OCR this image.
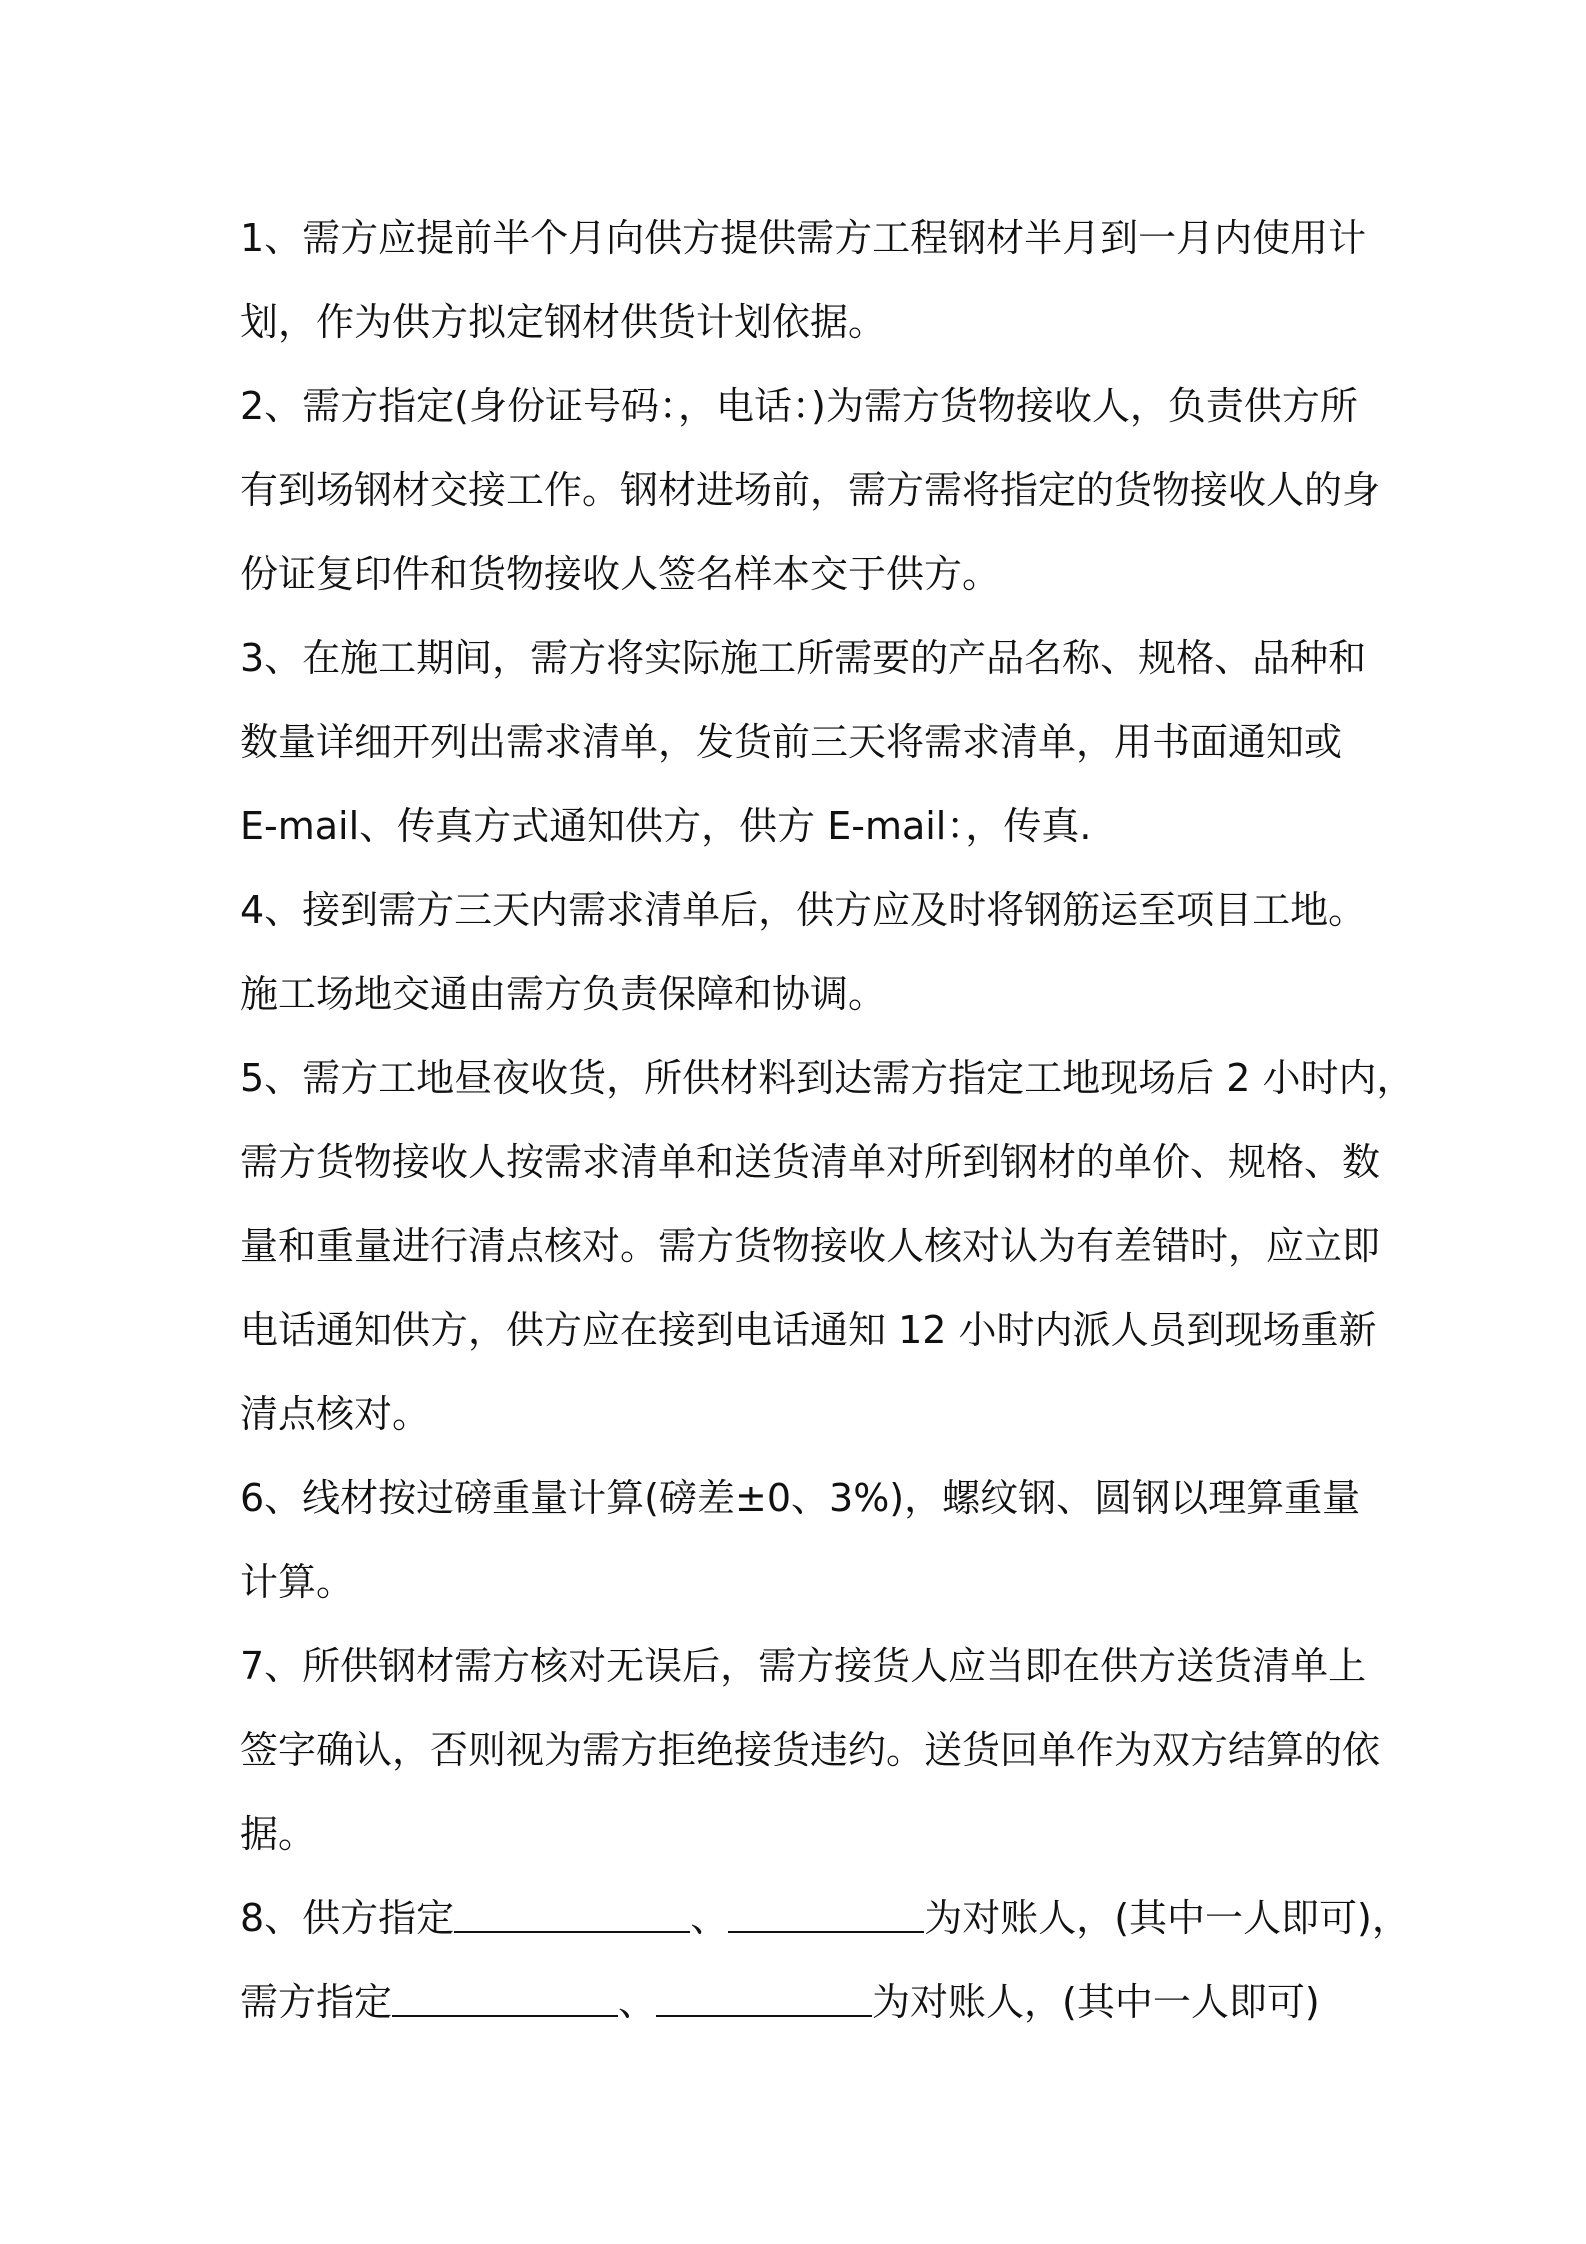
1、需方应提前半个月向供方提供需方工程钢材半月到一月内使用计
划，作为供方拟定钢材供货计划依据。
2、需方指定(身份证号码：，电话：)为需方货物接收人，负责供方所
有到场钢材交接工作。钢材进场前，需方需将指定的货物接收人的身
份证复印件和货物接收人签名样本交于供方。
3、在施工期间，需方将实际施工所需要的产品名称、规格、品种和
数量详细开列出需求清单，发货前三天将需求清单，用书面通知或
E-mail、传真方式通知供方，供方 E-mail：，传真.
4、接到需方三天内需求清单后，供方应及时将钢筋运至项目工地。
施工场地交通由需方负责保障和协调。
5、需方工地昼夜收货，所供材料到达需方指定工地现场后 2 小时内，
需方货物接收人按需求清单和送货清单对所到钢材的单价、规格、数
量和重量进行清点核对。需方货物接收人核对认为有差错时，应立即
电话通知供方，供方应在接到电话通知 12 小时内派人员到现场重新
清点核对。
6、线材按过磅重量计算(磅差±0、3%)，螺纹钢、圆钢以理算重量
计算。
7、所供钢材需方核对无误后，需方接货人应当即在供方送货清单上
签字确认，否则视为需方拒绝接货违约。送货回单作为双方结算的依
据。
8、供方指定	、	为对账人，(其中一人即可)，
需方指定	、	为对账人，(其中一人即可)
